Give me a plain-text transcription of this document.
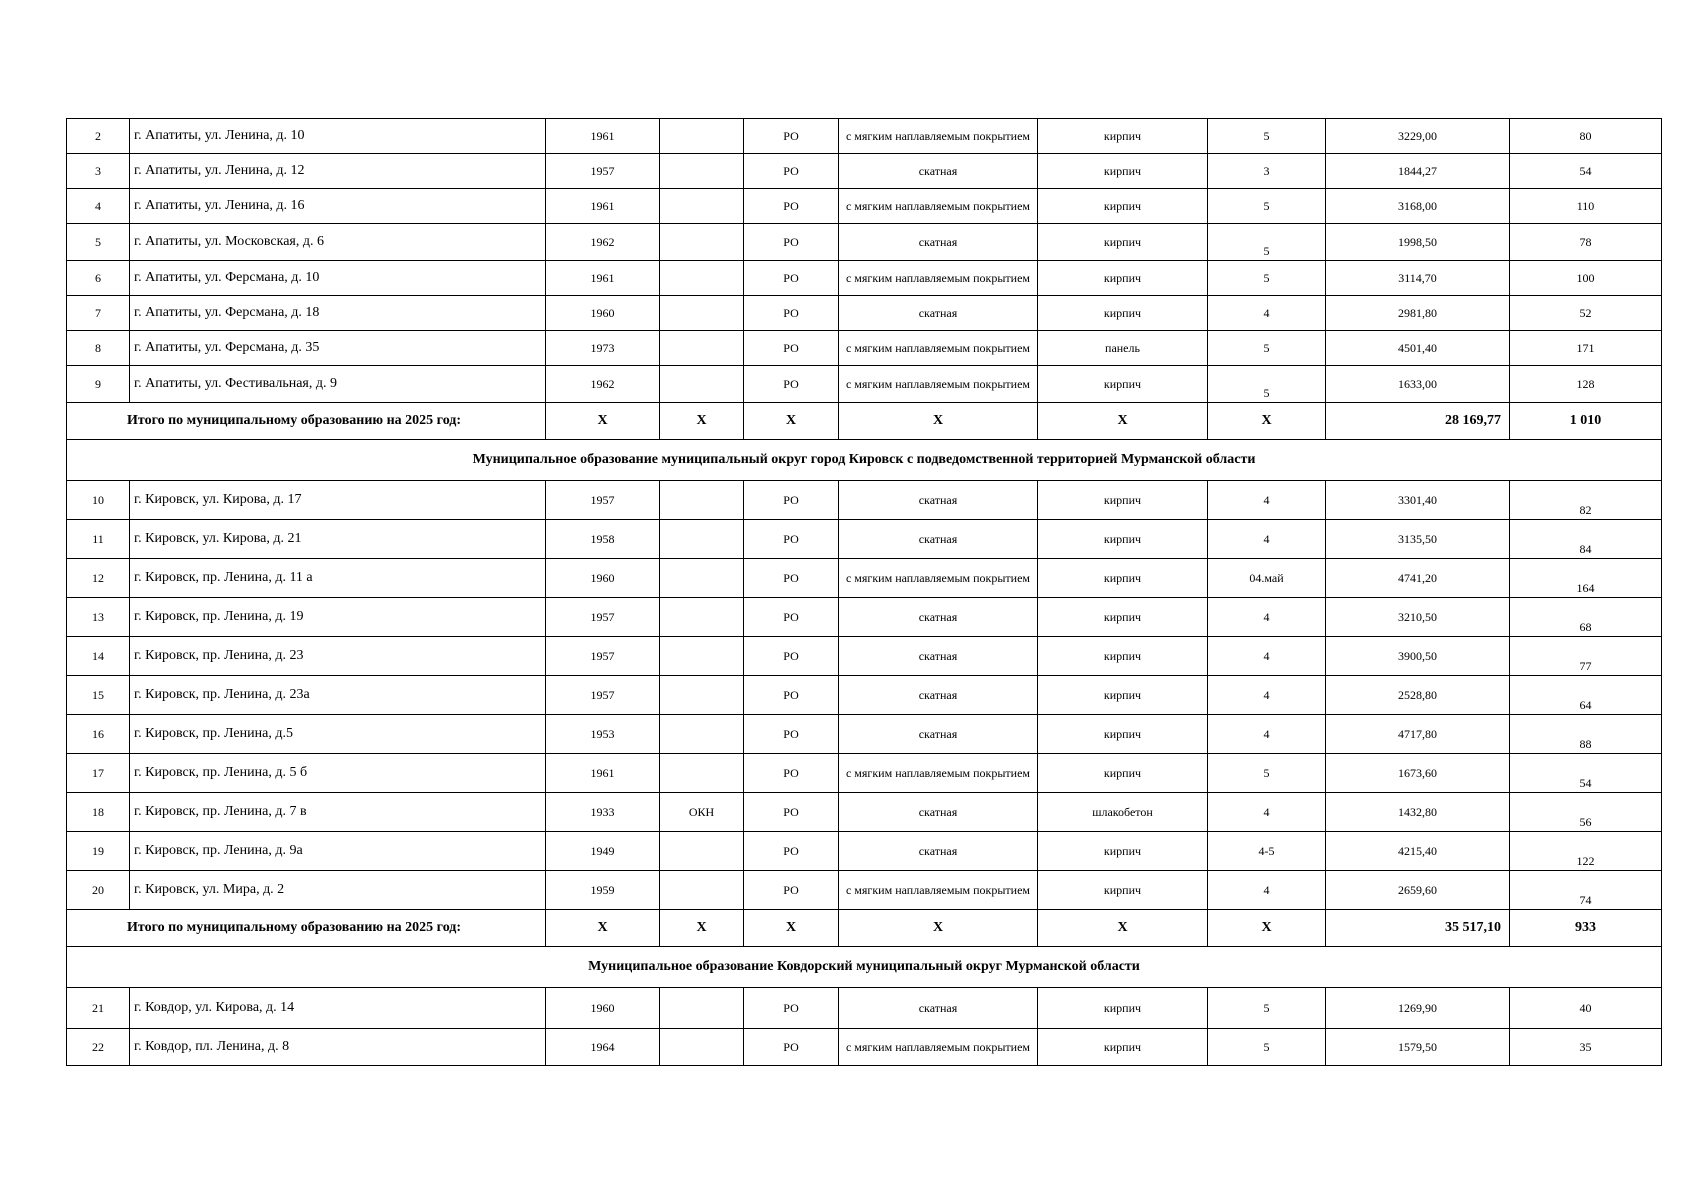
2	г. Апатиты, ул. Ленина, д. 10	1961		РО	с мягким наплавляемым покрытием	кирпич	5	3229,00	80
3	г. Апатиты, ул. Ленина, д. 12	1957		РО	скатная	кирпич	3	1844,27	54
4	г. Апатиты, ул. Ленина, д. 16	1961		РО	с мягким наплавляемым покрытием	кирпич	5	3168,00	110
5	г. Апатиты, ул. Московская, д. 6	1962		РО	скатная	кирпич	5	1998,50	78
6	г. Апатиты, ул. Ферсмана, д. 10	1961		РО	с мягким наплавляемым покрытием	кирпич	5	3114,70	100
7	г. Апатиты, ул. Ферсмана, д. 18	1960		РО	скатная	кирпич	4	2981,80	52
8	г. Апатиты, ул. Ферсмана, д. 35	1973		РО	с мягким наплавляемым покрытием	панель	5	4501,40	171
9	г. Апатиты, ул. Фестивальная, д. 9	1962		РО	с мягким наплавляемым покрытием	кирпич	5	1633,00	128
Итого по муниципальному образованию на 2025 год:		X	X	X	X	X	X	28 169,77	1 010
Муниципальное образование муниципальный округ город Кировск с подведомственной территорией Мурманской области									
10	г. Кировск, ул. Кирова, д. 17	1957		РО	скатная	кирпич	4	3301,40	82
11	г. Кировск, ул. Кирова, д. 21	1958		РО	скатная	кирпич	4	3135,50	84
12	г. Кировск, пр. Ленина, д. 11 а	1960		РО	с мягким наплавляемым покрытием	кирпич	04.май	4741,20	164
13	г. Кировск, пр. Ленина, д. 19	1957		РО	скатная	кирпич	4	3210,50	68
14	г. Кировск, пр. Ленина, д. 23	1957		РО	скатная	кирпич	4	3900,50	77
15	г. Кировск, пр. Ленина, д. 23а	1957		РО	скатная	кирпич	4	2528,80	64
16	г. Кировск, пр. Ленина, д.5	1953		РО	скатная	кирпич	4	4717,80	88
17	г. Кировск, пр. Ленина, д. 5 б	1961		РО	с мягким наплавляемым покрытием	кирпич	5	1673,60	54
18	г. Кировск, пр. Ленина, д. 7 в	1933	ОКН	РО	скатная	шлакобетон	4	1432,80	56
19	г. Кировск, пр. Ленина, д. 9а	1949		РО	скатная	кирпич	4-5	4215,40	122
20	г. Кировск, ул. Мира, д. 2	1959		РО	с мягким наплавляемым покрытием	кирпич	4	2659,60	74
Итого по муниципальному образованию на 2025 год:		X	X	X	X	X	X	35 517,10	933
Муниципальное образование Ковдорский муниципальный округ Мурманской области									
21	г. Ковдор, ул. Кирова, д. 14	1960		РО	скатная	кирпич	5	1269,90	40
22	г. Ковдор, пл. Ленина, д. 8	1964		РО	с мягким наплавляемым покрытием	кирпич	5	1579,50	35
